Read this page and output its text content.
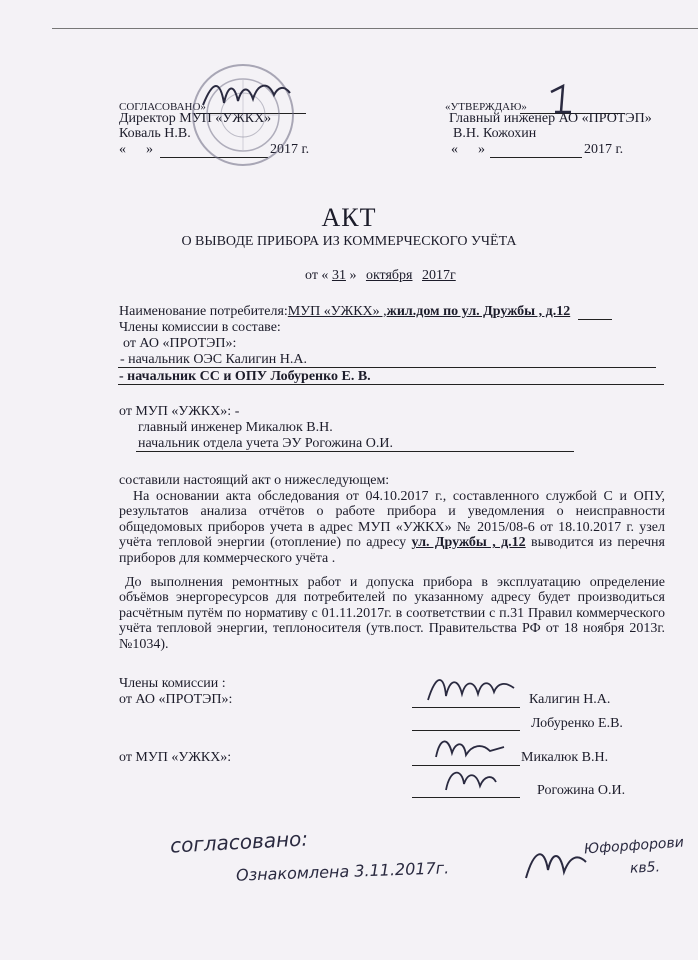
СОГЛАСОВАНО»
Директор МУП «УЖКХ»
Коваль Н.В.
« »	2017 г.
«УТВЕРЖДАЮ»
Главный инженер АО «ПРОТЭП»
В.Н. Кожохин
« »	2017 г.
АКТ
О ВЫВОДЕ ПРИБОРА ИЗ КОММЕРЧЕСКОГО УЧЁТА
от « 31 » октября 2017г
Наименование потребителя:МУП «УЖКХ» ,жил.дом по ул. Дружбы , д.12
Члены комиссии в составе:
от АО «ПРОТЭП»:
- начальник ОЭС Калигин Н.А.
- начальник СС и ОПУ Лобуренко Е. В.
от МУП «УЖКХ»: -
главный инженер Микалюк В.Н.
начальник отдела учета ЭУ Рогожина О.И.
составили настоящий акт о нижеследующем:
На основании акта обследования от 04.10.2017 г., составленного службой С и ОПУ, результатов анализа отчётов о работе прибора и уведомления о неисправности общедомовых приборов учета в адрес МУП «УЖКХ» № 2015/08-6 от 18.10.2017 г. узел учёта тепловой энергии (отопление) по адресу ул. Дружбы , д.12 выводится из перечня приборов для коммерческого учёта .
До выполнения ремонтных работ и допуска прибора в эксплуатацию определение объёмов энергоресурсов для потребителей по указанному адресу будет производиться расчётным путём по нормативу с 01.11.2017г. в соответствии с п.31 Правил коммерческого учёта тепловой энергии, теплоносителя (утв.пост. Правительства РФ от 18 ноября 2013г. №1034).
Члены комиссии :
от АО «ПРОТЭП»:
от МУП «УЖКХ»:
Калигин Н.А.
Лобуренко Е.В.
Микалюк В.Н.
Рогожина О.И.
согласовано:
Ознакомлена 3.11.2017г.
Юфорфорови
кв5.
